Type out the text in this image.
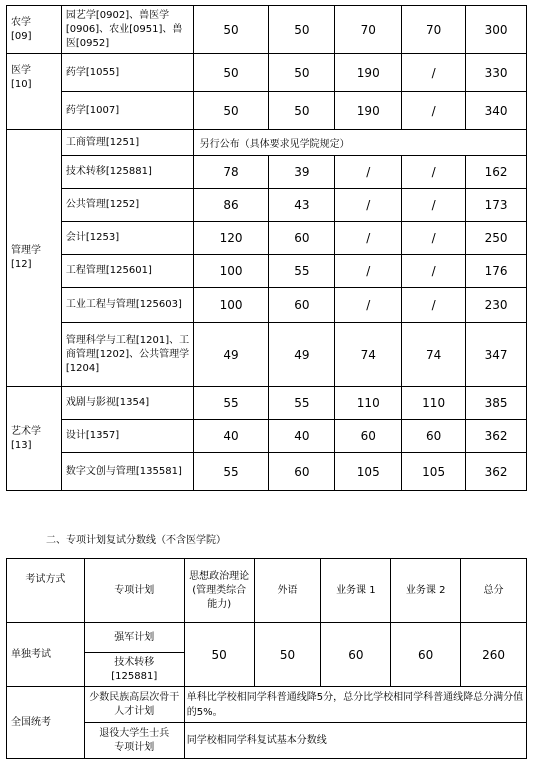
农学
[09]	园艺学[0902]、兽医学[0906]、农业[0951]、兽医[0952]	50	50	70	70	300
医学
[10]	药学[1055]	50	50	190	/	330
	药学[1007]	50	50	190	/	340
管理学
[12]	工商管理[1251]	另行公布（具体要求见学院规定）				
	技术转移[125881]	78	39	/	/	162
	公共管理[1252]	86	43	/	/	173
	会计[1253]	120	60	/	/	250
	工程管理[125601]	100	55	/	/	176
	工业工程与管理[125603]	100	60	/	/	230
	管理科学与工程[1201]、工商管理[1202]、公共管理学[1204]	49	49	74	74	347
艺术学
[13]	戏剧与影视[1354]	55	55	110	110	385
	设计[1357]	40	40	60	60	362
	数字文创与管理[135581]	55	60	105	105	362
二、专项计划复试分数线（不含医学院）
考试方式	专项计划	思想政治理论(管理类综合能力)	外语	业务课 1	业务课 2	总分
单独考试	强军计划	50	50	60	60	260
	技术转移[125881]					
全国统考	少数民族高层次骨干人才计划	单科比学校相同学科普通线降5分，总分比学校相同学科普通线降总分满分值的5%。				
	退役大学生士兵专项计划	同学校相同学科复试基本分数线				
